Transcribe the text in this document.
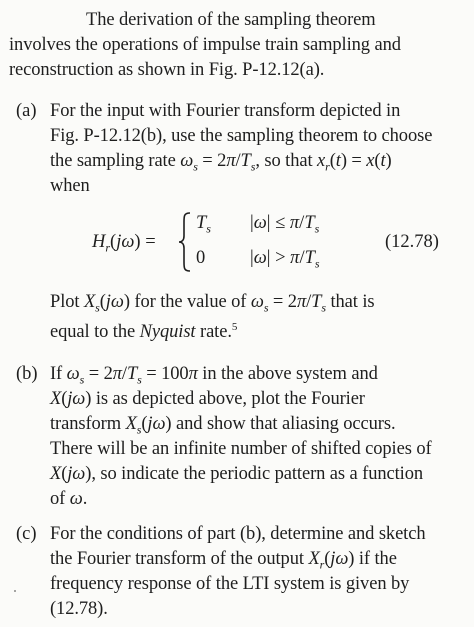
The derivation of the sampling theorem
involves the operations of impulse train sampling and
reconstruction as shown in Fig. P-12.12(a).
(a) For the input with Fourier transform depicted in
Fig. P-12.12(b), use the sampling theorem to choose
the sampling rate $\omega_s = 2\pi/T_s$, so that $x_r(t) = x(t)$
when
$H_r(j\omega)$ =
$T_s$ $|\omega| \le \pi/T_s$
0 $|\omega| > \pi/T_s$
(12.78)
Plot $X_s(j\omega)$ for the value of $\omega_s = 2\pi/T_s$ that is
equal to the Nyquist rate.$^5$
(b) If $\omega_s = 2\pi/T_s = 100\pi$ in the above system and
X(jω) is as depicted above, plot the Fourier
transform $X_s(j\omega)$ and show that aliasing occurs.
There will be an infinite number of shifted copies of
X(jω), so indicate the periodic pattern as a function
of ω.
(c) For the conditions of part (b), determine and sketch
the Fourier transform of the output $X_r(j\omega)$ if the
frequency response of the LTI system is given by
(12.78).
